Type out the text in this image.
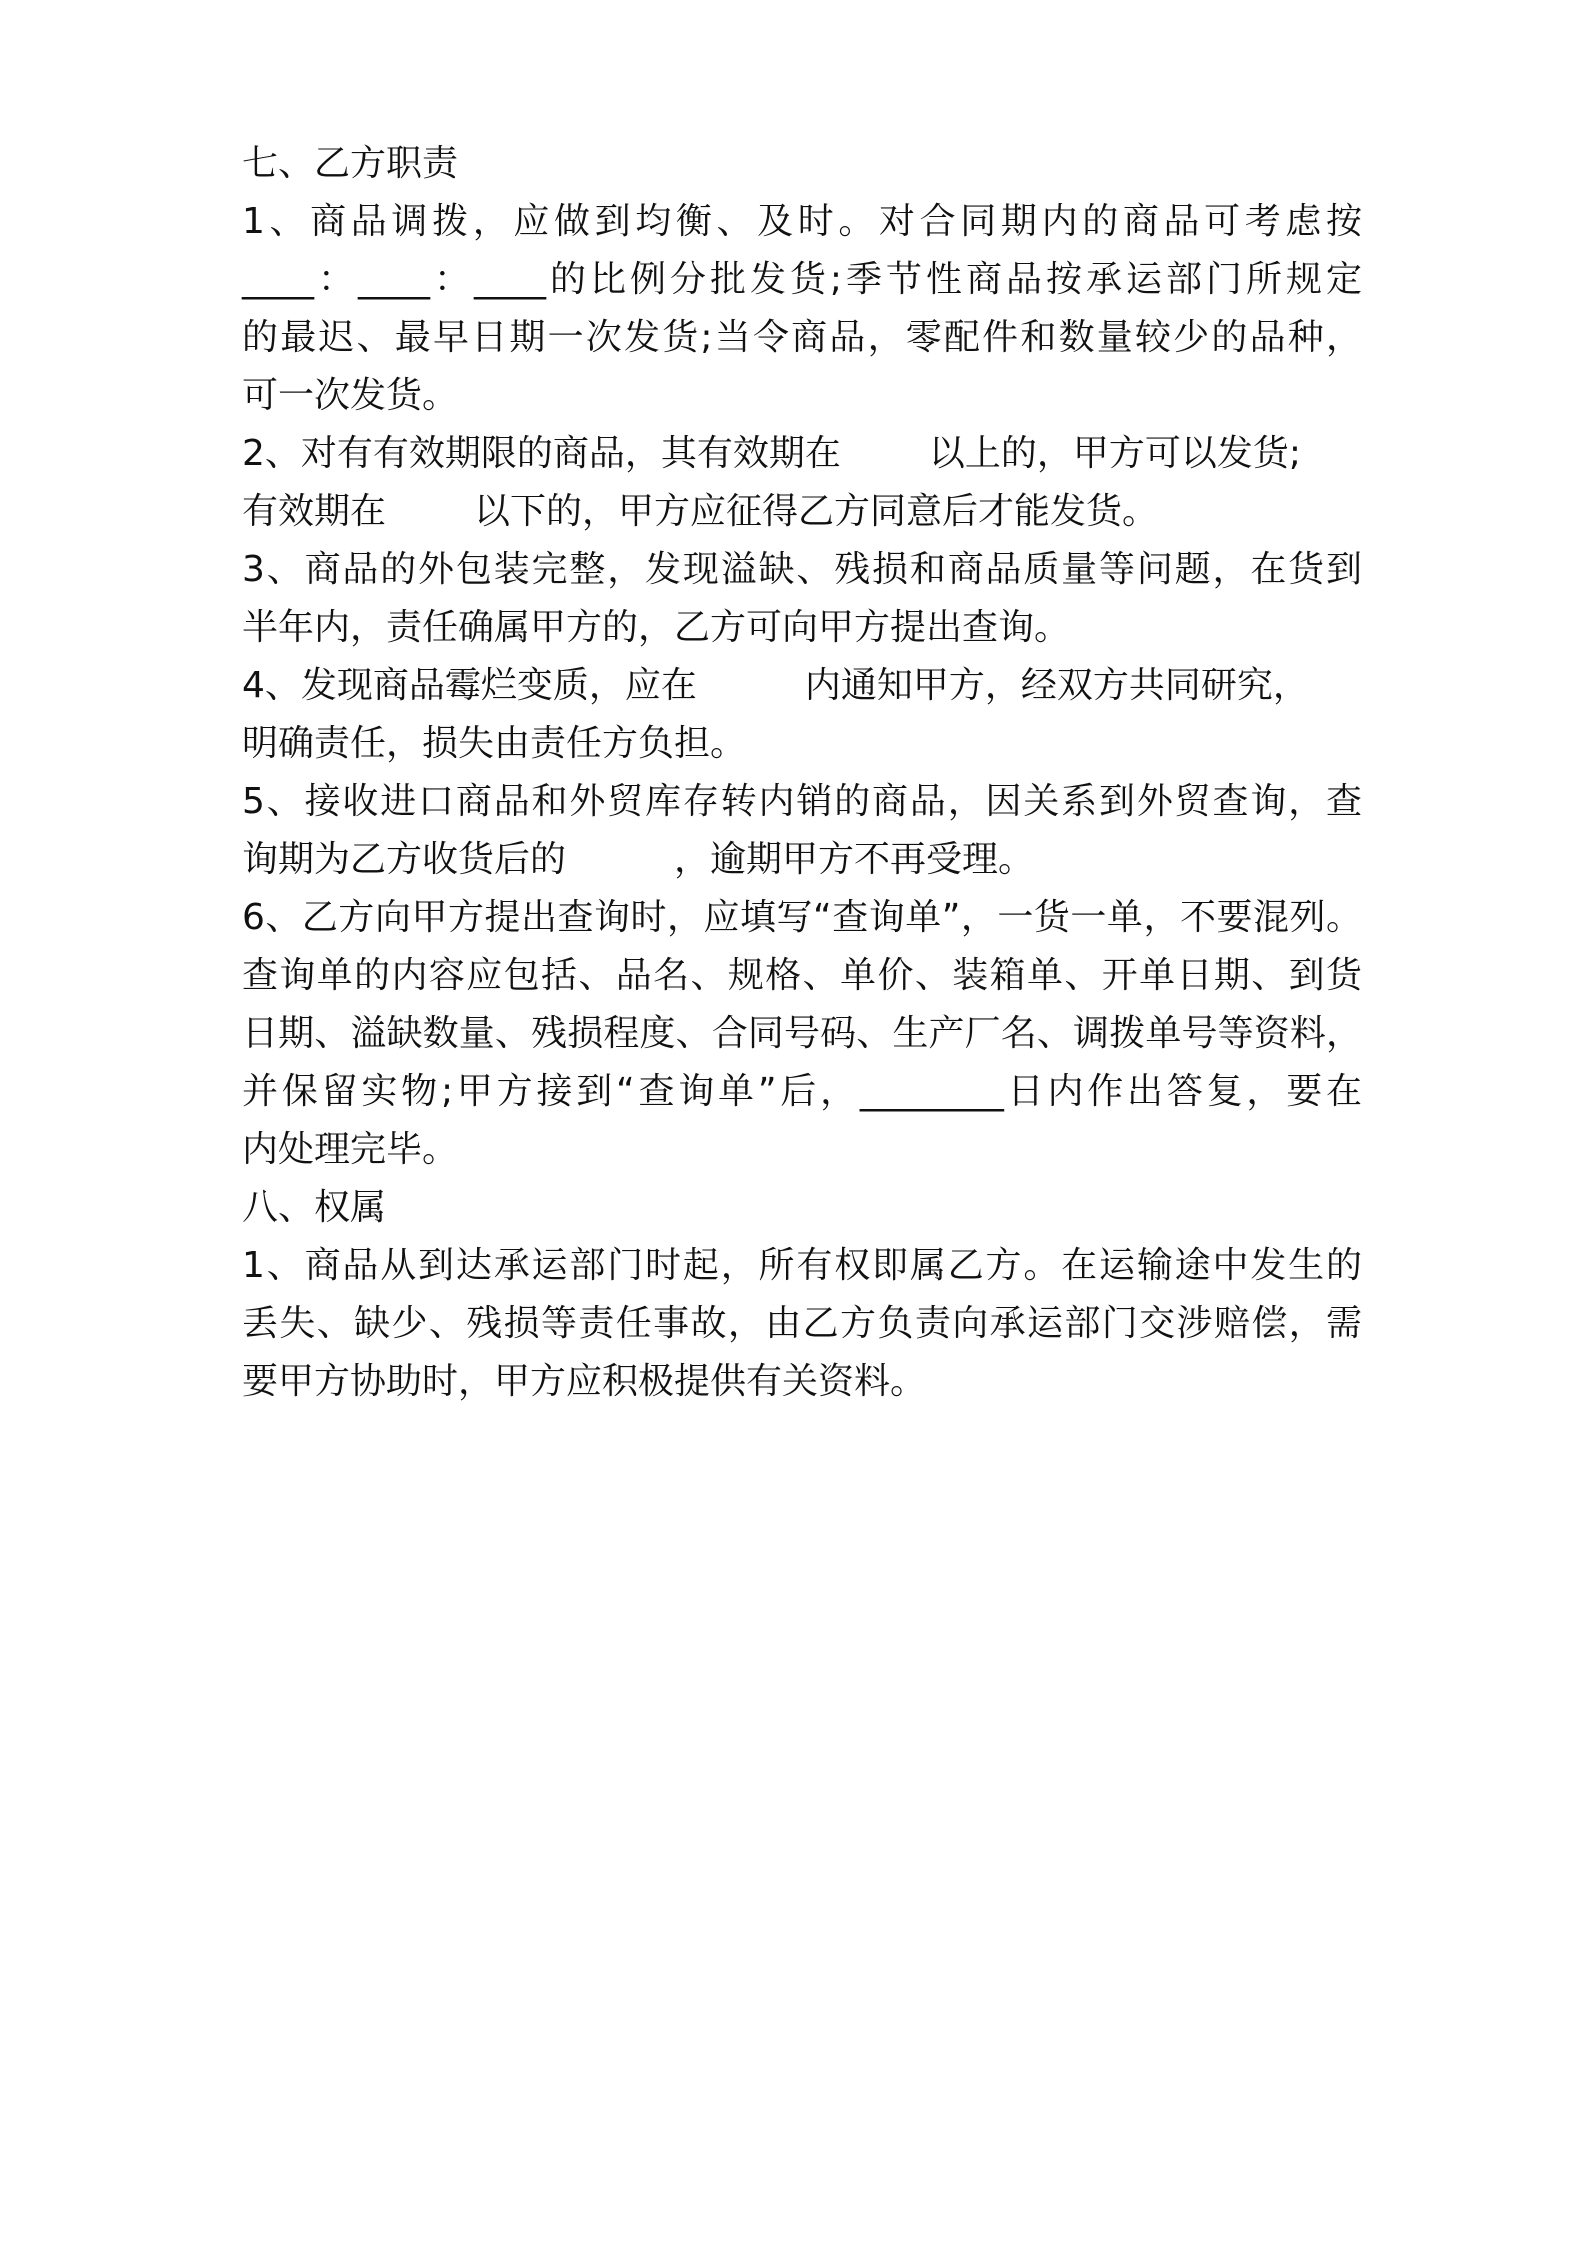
七、乙方职责
1、商品调拨，应做到均衡、及时。对合同期内的商品可考虑按
____：____：____的比例分批发货;季节性商品按承运部门所规定
的最迟、最早日期一次发货;当令商品，零配件和数量较少的品种，
可一次发货。
2、对有有效期限的商品，其有效期在 以上的，甲方可以发货;
有效期在 以下的，甲方应征得乙方同意后才能发货。
3、商品的外包装完整，发现溢缺、残损和商品质量等问题，在货到
半年内，责任确属甲方的，乙方可向甲方提出查询。
4、发现商品霉烂变质，应在	内通知甲方，经双方共同研究，
明确责任，损失由责任方负担。
5、接收进口商品和外贸库存转内销的商品，因关系到外贸查询，查
询期为乙方收货后的	，逾期甲方不再受理。
6、乙方向甲方提出查询时，应填写“查询单”，一货一单，不要混列。
查询单的内容应包括、品名、规格、单价、装箱单、开单日期、到货
日期、溢缺数量、残损程度、合同号码、生产厂名、调拨单号等资料，
并保留实物;甲方接到“查询单”后，________日内作出答复，要在
内处理完毕。
八、权属
1、商品从到达承运部门时起，所有权即属乙方。在运输途中发生的
丢失、缺少、残损等责任事故，由乙方负责向承运部门交涉赔偿，需
要甲方协助时，甲方应积极提供有关资料。
